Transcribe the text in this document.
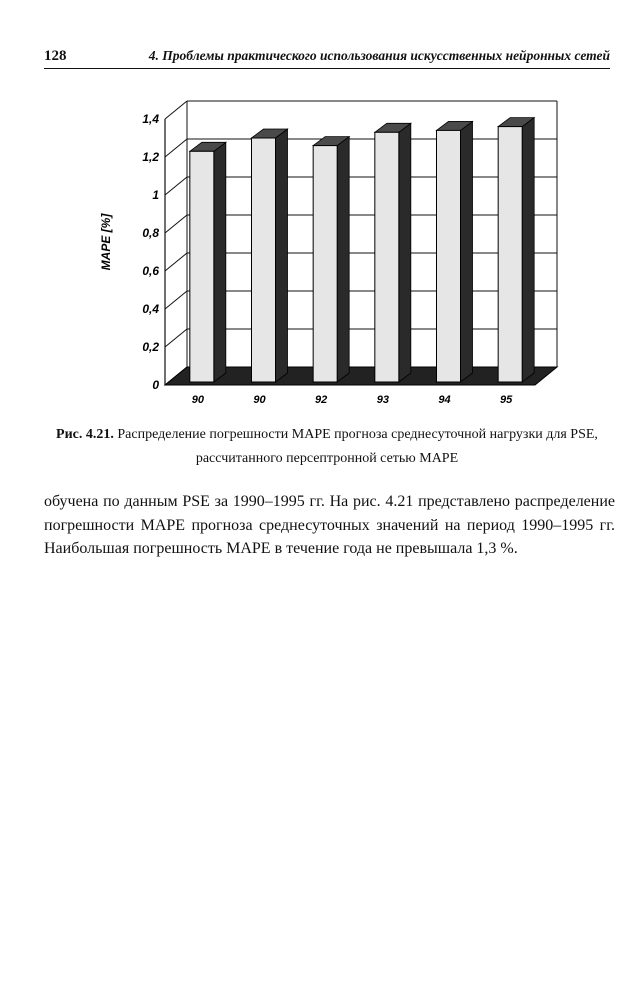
128	4. Проблемы практического использования искусственных нейронных сетей
0
0,2
0,4
0,6
0,8
1
1,2
1,4
MAPE [%]
90	90	92	93	94	95
Рис. 4.21. Распределение погрешности MAPE прогноза среднесуточной нагрузки для PSE, рассчитанного персептронной сетью MAPE
обучена по данным PSE за 1990–1995 гг. На рис. 4.21 представлено распределение погрешности MAPE прогноза среднесуточных значений на период 1990–1995 гг. Наибольшая погрешность MAPE в течение года не превышала 1,3 %.
